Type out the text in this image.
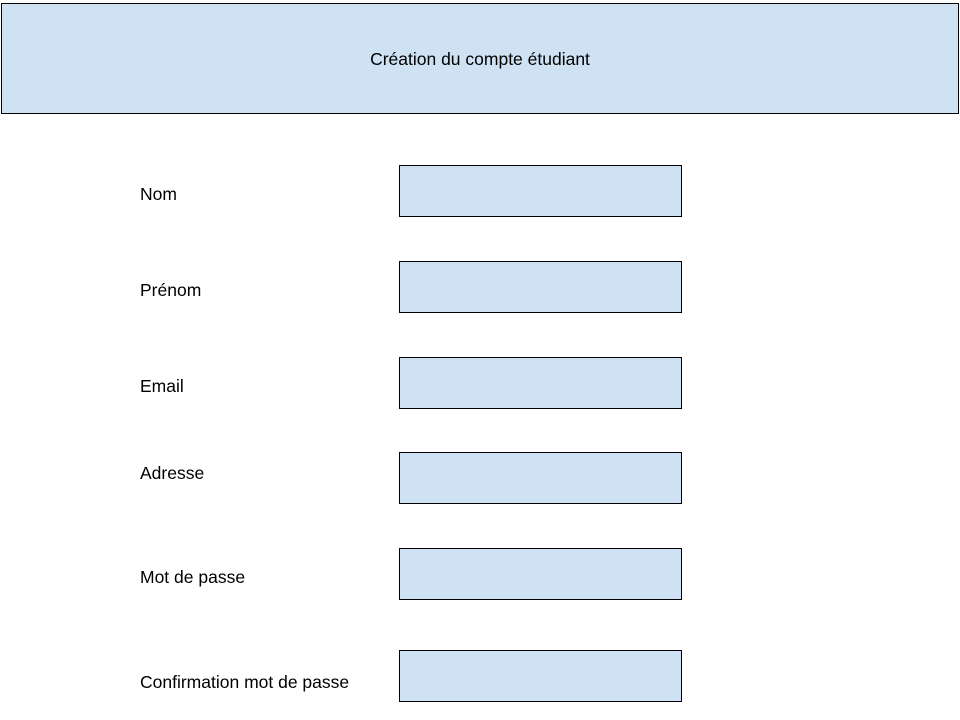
Création du compte étudiant
Nom
Prénom
Email
Adresse
Mot de passe
Confirmation mot de passe
